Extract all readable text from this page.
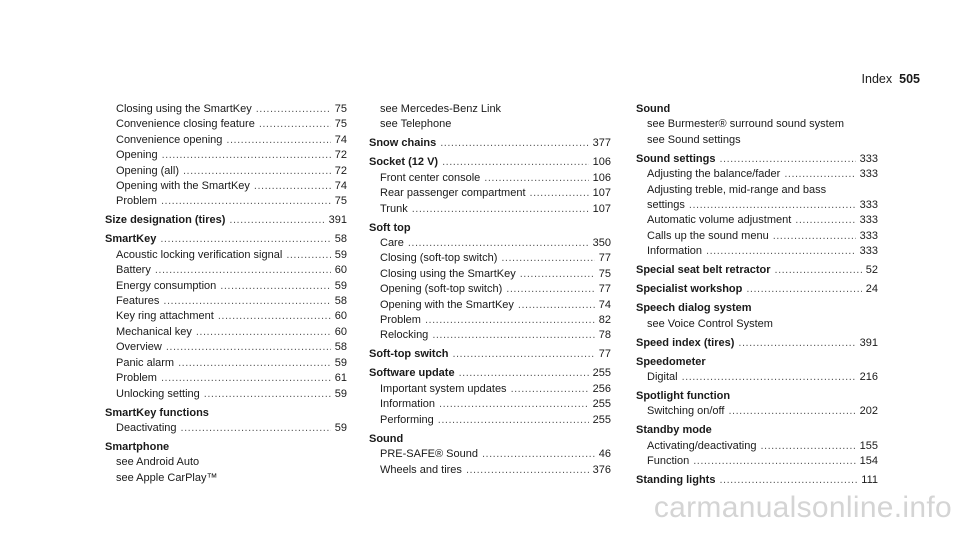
Index 505
Closing using the SmartKey .....	75
Convenience closing feature .....	75
Convenience opening .....	74
Opening .....	72
Opening (all) .....	72
Opening with the SmartKey .....	74
Problem .....	75
Size designation (tires) .....	391
SmartKey .....	58
Acoustic locking verification signal .....	59
Battery .....	60
Energy consumption .....	59
Features .....	58
Key ring attachment .....	60
Mechanical key .....	60
Overview .....	58
Panic alarm .....	59
Problem .....	61
Unlocking setting .....	59
SmartKey functions
Deactivating .....	59
Smartphone
see Android Auto
see Apple CarPlay™
see Mercedes-Benz Link
see Telephone
Snow chains .....	377
Socket (12 V) .....	106
Front center console .....	106
Rear passenger compartment .....	107
Trunk .....	107
Soft top
Care .....	350
Closing (soft-top switch) .....	77
Closing using the SmartKey .....	75
Opening (soft-top switch) .....	77
Opening with the SmartKey .....	74
Problem .....	82
Relocking .....	78
Soft-top switch .....	77
Software update .....	255
Important system updates .....	256
Information .....	255
Performing .....	255
Sound
PRE-SAFE® Sound .....	46
Wheels and tires .....	376
Sound
see Burmester® surround sound system
see Sound settings
Sound settings .....	333
Adjusting the balance/fader .....	333
Adjusting treble, mid-range and bass
settings .....	333
Automatic volume adjustment .....	333
Calls up the sound menu .....	333
Information .....	333
Special seat belt retractor .....	52
Specialist workshop .....	24
Speech dialog system
see Voice Control System
Speed index (tires) .....	391
Speedometer
Digital .....	216
Spotlight function
Switching on/off .....	202
Standby mode
Activating/deactivating .....	155
Function .....	154
Standing lights .....	111
carmanualsonline.info
